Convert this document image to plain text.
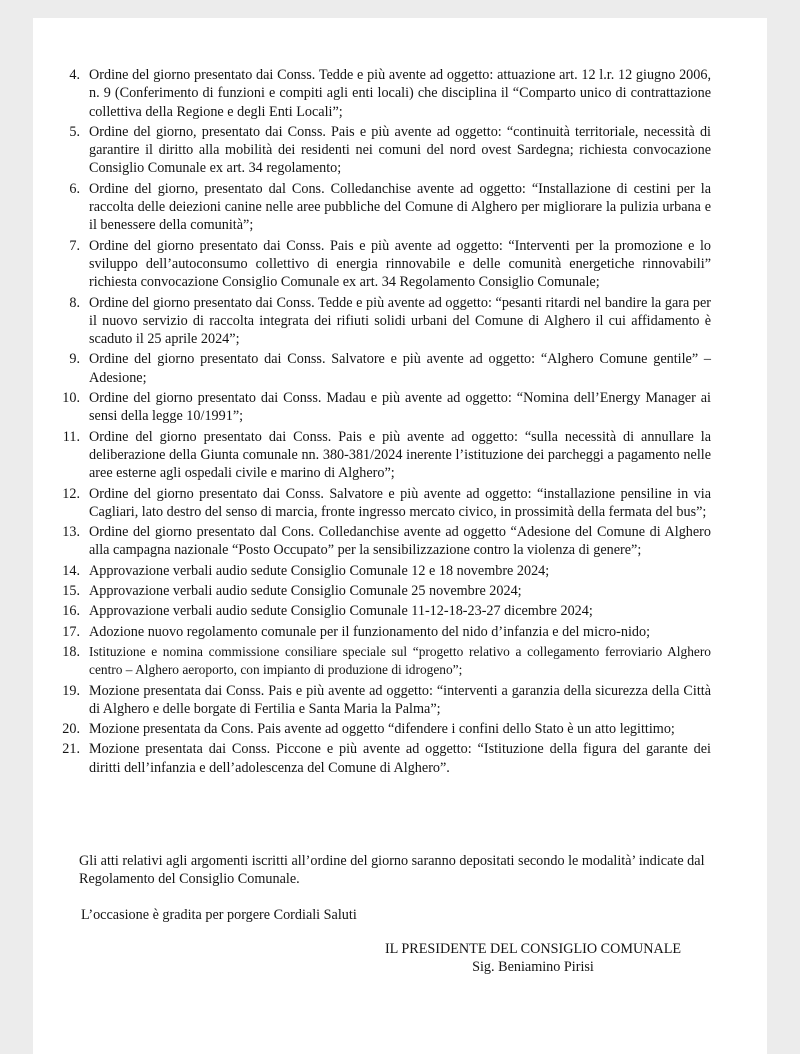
4. Ordine del giorno presentato dai Conss. Tedde e più avente ad oggetto: attuazione art. 12 l.r. 12 giugno 2006, n. 9 (Conferimento di funzioni e compiti agli enti locali) che disciplina il “Comparto unico di contrattazione collettiva della Regione e degli Enti Locali”;
5. Ordine del giorno, presentato dai Conss. Pais e più avente ad oggetto: “continuità territoriale, necessità di garantire il diritto alla mobilità dei residenti nei comuni del nord ovest Sardegna; richiesta convocazione Consiglio Comunale ex art. 34 regolamento;
6. Ordine del giorno, presentato dal Cons. Colledanchise avente ad oggetto: “Installazione di cestini per la raccolta delle deiezioni canine nelle aree pubbliche del Comune di Alghero per migliorare la pulizia urbana e il benessere della comunità”;
7. Ordine del giorno presentato dai Conss. Pais e più avente ad oggetto: “Interventi per la promozione e lo sviluppo dell’autoconsumo collettivo di energia rinnovabile e delle comunità energetiche rinnovabili” richiesta convocazione Consiglio Comunale ex art. 34 Regolamento Consiglio Comunale;
8. Ordine del giorno presentato dai Conss. Tedde e più avente ad oggetto: “pesanti ritardi nel bandire la gara per il nuovo servizio di raccolta integrata dei rifiuti solidi urbani del Comune di Alghero il cui affidamento è scaduto il 25 aprile 2024”;
9. Ordine del giorno presentato dai Conss. Salvatore e più avente ad oggetto: “Alghero Comune gentile” – Adesione;
10. Ordine del giorno presentato dai Conss. Madau e più avente ad oggetto: “Nomina dell’Energy Manager ai sensi della legge 10/1991”;
11. Ordine del giorno presentato dai Conss. Pais e più avente ad oggetto: “sulla necessità di annullare la deliberazione della Giunta comunale nn. 380-381/2024 inerente l’istituzione dei parcheggi a pagamento nelle aree esterne agli ospedali civile e marino di Alghero”;
12. Ordine del giorno presentato dai Conss. Salvatore e più avente ad oggetto: “installazione pensiline in via Cagliari, lato destro del senso di marcia, fronte ingresso mercato civico, in prossimità della fermata del bus”;
13. Ordine del giorno presentato dal Cons. Colledanchise avente ad oggetto “Adesione del Comune di Alghero alla campagna nazionale “Posto Occupato” per la sensibilizzazione contro la violenza di genere”;
14. Approvazione verbali audio sedute Consiglio Comunale 12 e 18 novembre 2024;
15. Approvazione verbali audio sedute Consiglio Comunale 25 novembre 2024;
16. Approvazione verbali audio sedute Consiglio Comunale 11-12-18-23-27 dicembre 2024;
17. Adozione nuovo regolamento comunale per il funzionamento del nido d’infanzia e del micro-nido;
18. Istituzione e nomina commissione consiliare speciale sul “progetto relativo a collegamento ferroviario Alghero centro – Alghero aeroporto, con impianto di produzione di idrogeno”;
19. Mozione presentata dai Conss. Pais e più avente ad oggetto: “interventi a garanzia della sicurezza della Città di Alghero e delle borgate di Fertilia e Santa Maria la Palma”;
20. Mozione presentata da Cons. Pais avente ad oggetto “difendere i confini dello Stato è un atto legittimo;
21. Mozione presentata dai Conss. Piccone e più avente ad oggetto: “Istituzione della figura del garante dei diritti dell’infanzia e dell’adolescenza del Comune di Alghero”.

Gli atti relativi agli argomenti iscritti all’ordine del giorno saranno depositati secondo le modalità’ indicate dal Regolamento del Consiglio Comunale.

L’occasione è gradita per porgere Cordiali Saluti

IL PRESIDENTE DEL CONSIGLIO COMUNALE
Sig. Beniamino Pirisi
